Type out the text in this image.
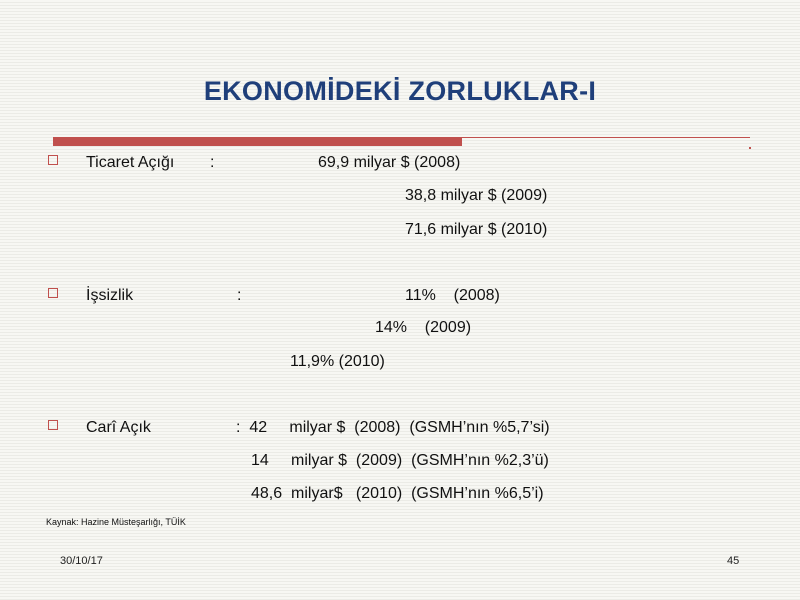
EKONOMİDEKİ ZORLUKLAR-I
Ticaret Açığı :	69,9 milyar $ (2008)
38,8 milyar $ (2009)
71,6 milyar $ (2010)
İşsizlik	:	11%    (2008)
14%    (2009)
11,9% (2010)
Carî Açık	:  42     milyar $  (2008)  (GSMH’nın %5,7’si)
14     milyar $  (2009)  (GSMH’nın %2,3’ü)
48,6  milyar$   (2010)  (GSMH’nın %6,5’i)
Kaynak: Hazine Müsteşarlığı, TÜİK
30/10/17	45
